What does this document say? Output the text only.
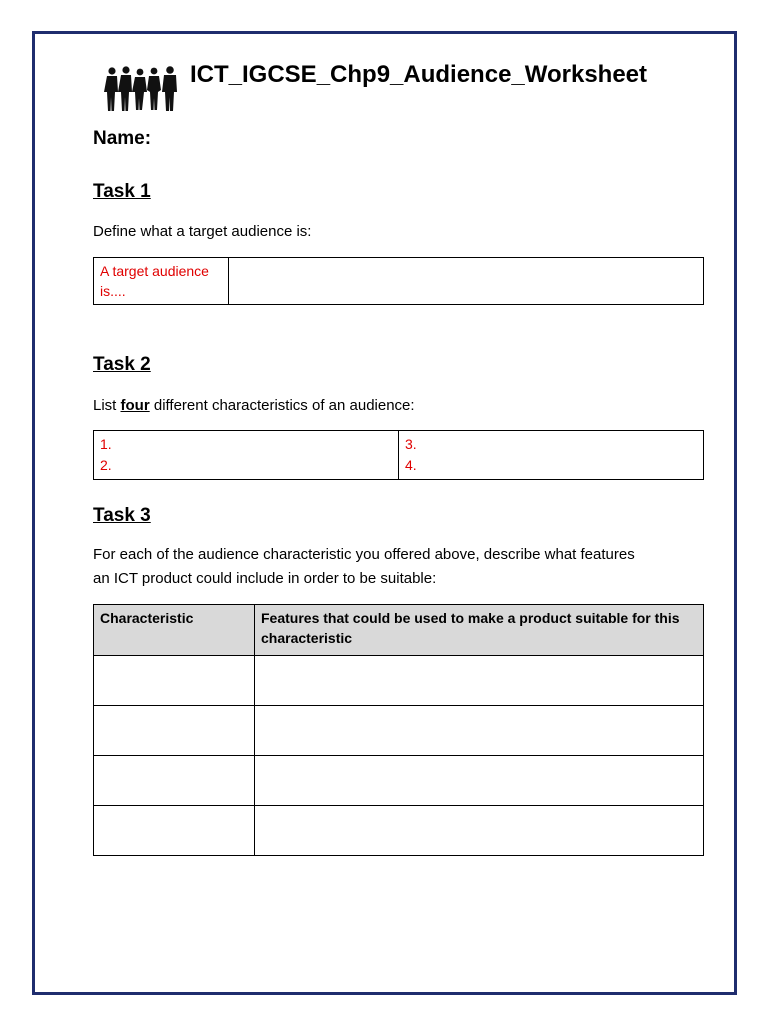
ICT_IGCSE_Chp9_Audience_Worksheet
Name:
Task 1
Define what a target audience is:
A target audience is....	
Task 2
List four different characteristics of an audience:
1.
2.

3.
4.
Task 3
For each of the audience characteristic you offered above, describe what features
an ICT product could include in order to be suitable:
Characteristic	Features that could be used to make a product suitable for this characteristic
